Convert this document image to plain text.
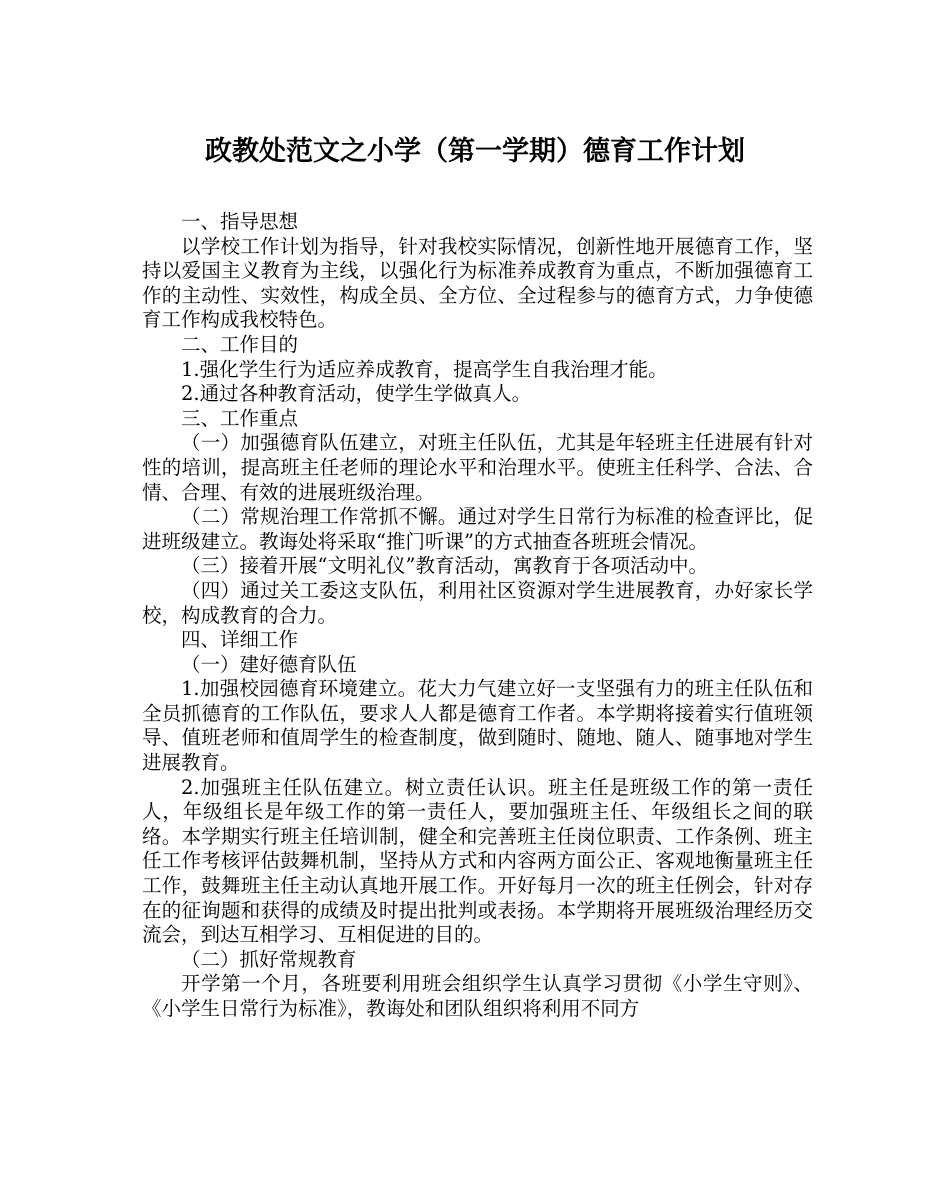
政教处范文之小学（第一学期）德育工作计划

一、指导思想

以学校工作计划为指导，针对我校实际情况，创新性地开展德育工作，坚持以爱国主义教育为主线，以强化行为标准养成教育为重点，不断加强德育工作的主动性、实效性，构成全员、全方位、全过程参与的德育方式，力争使德育工作构成我校特色。

二、工作目的

1.强化学生行为适应养成教育，提高学生自我治理才能。

2.通过各种教育活动，使学生学做真人。

三、工作重点

（一）加强德育队伍建立，对班主任队伍，尤其是年轻班主任进展有针对性的培训，提高班主任老师的理论水平和治理水平。使班主任科学、合法、合情、合理、有效的进展班级治理。

（二）常规治理工作常抓不懈。通过对学生日常行为标准的检查评比，促进班级建立。教诲处将采取“推门听课”的方式抽查各班班会情况。

（三）接着开展“文明礼仪”教育活动，寓教育于各项活动中。

（四）通过关工委这支队伍，利用社区资源对学生进展教育，办好家长学校，构成教育的合力。

四、详细工作

（一）建好德育队伍

1.加强校园德育环境建立。花大力气建立好一支坚强有力的班主任队伍和全员抓德育的工作队伍，要求人人都是德育工作者。本学期将接着实行值班领导、值班老师和值周学生的检查制度，做到随时、随地、随人、随事地对学生进展教育。

2.加强班主任队伍建立。树立责任认识。班主任是班级工作的第一责任人，年级组长是年级工作的第一责任人，要加强班主任、年级组长之间的联络。本学期实行班主任培训制，健全和完善班主任岗位职责、工作条例、班主任工作考核评估鼓舞机制，坚持从方式和内容两方面公正、客观地衡量班主任工作，鼓舞班主任主动认真地开展工作。开好每月一次的班主任例会，针对存在的征询题和获得的成绩及时提出批判或表扬。本学期将开展班级治理经历交流会，到达互相学习、互相促进的目的。

（二）抓好常规教育

开学第一个月，各班要利用班会组织学生认真学习贯彻《小学生守则》、《小学生日常行为标准》，教诲处和团队组织将利用不同方
